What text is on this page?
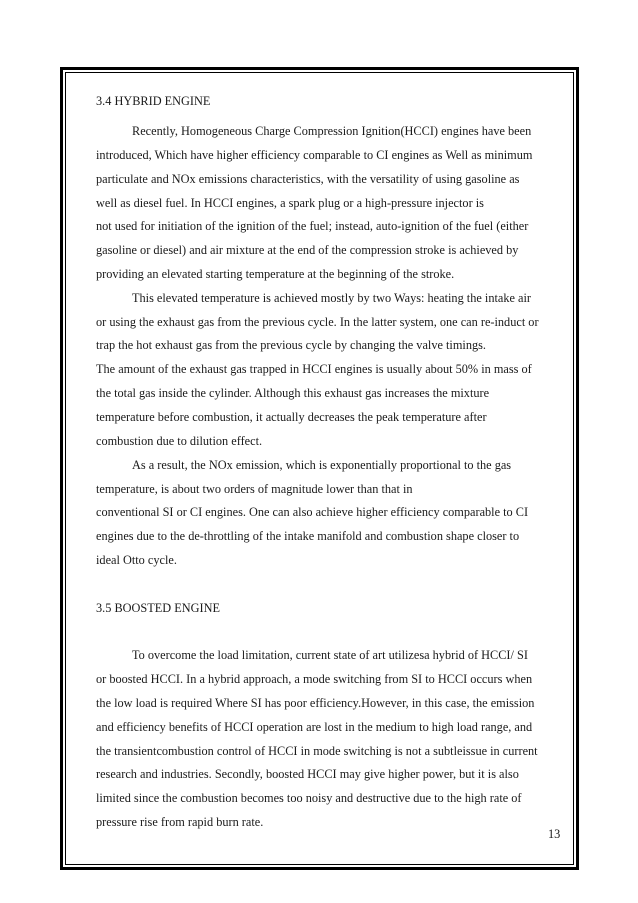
3.4 HYBRID ENGINE
Recently, Homogeneous Charge Compression Ignition(HCCI) engines have been
introduced, Which have higher efficiency comparable to CI engines as Well as minimum
particulate and NOx emissions characteristics, with the versatility of using gasoline as
well as diesel fuel. In HCCI engines, a spark plug or a high-pressure injector is
not used for initiation of the ignition of the fuel; instead, auto-ignition of the fuel (either
gasoline or diesel) and air mixture at the end of the compression stroke is achieved by
providing an elevated starting temperature at the beginning of the stroke.
This elevated temperature is achieved mostly by two Ways: heating the intake air
or using the exhaust gas from the previous cycle. In the latter system, one can re-induct or
trap the hot exhaust gas from the previous cycle by changing the valve timings.
The amount of the exhaust gas trapped in HCCI engines is usually about 50% in mass of
the total gas inside the cylinder. Although this exhaust gas increases the mixture
temperature before combustion, it actually decreases the peak temperature after
combustion due to dilution effect.
As a result, the NOx emission, which is exponentially proportional to the gas
temperature, is about two orders of magnitude lower than that in
conventional SI or CI engines. One can also achieve higher efficiency comparable to CI
engines due to the de-throttling of the intake manifold and combustion shape closer to
ideal Otto cycle.
3.5 BOOSTED ENGINE
To overcome the load limitation, current state of art utilizesa hybrid of HCCI/ SI
or boosted HCCI. In a hybrid approach, a mode switching from SI to HCCI occurs when
the low load is required Where SI has poor efficiency.However, in this case, the emission
and efficiency benefits of HCCI operation are lost in the medium to high load range, and
the transientcombustion control of HCCI in mode switching is not a subtleissue in current
research and industries. Secondly, boosted HCCI may give higher power, but it is also
limited since the combustion becomes too noisy and destructive due to the high rate of
pressure rise from rapid burn rate.
13
